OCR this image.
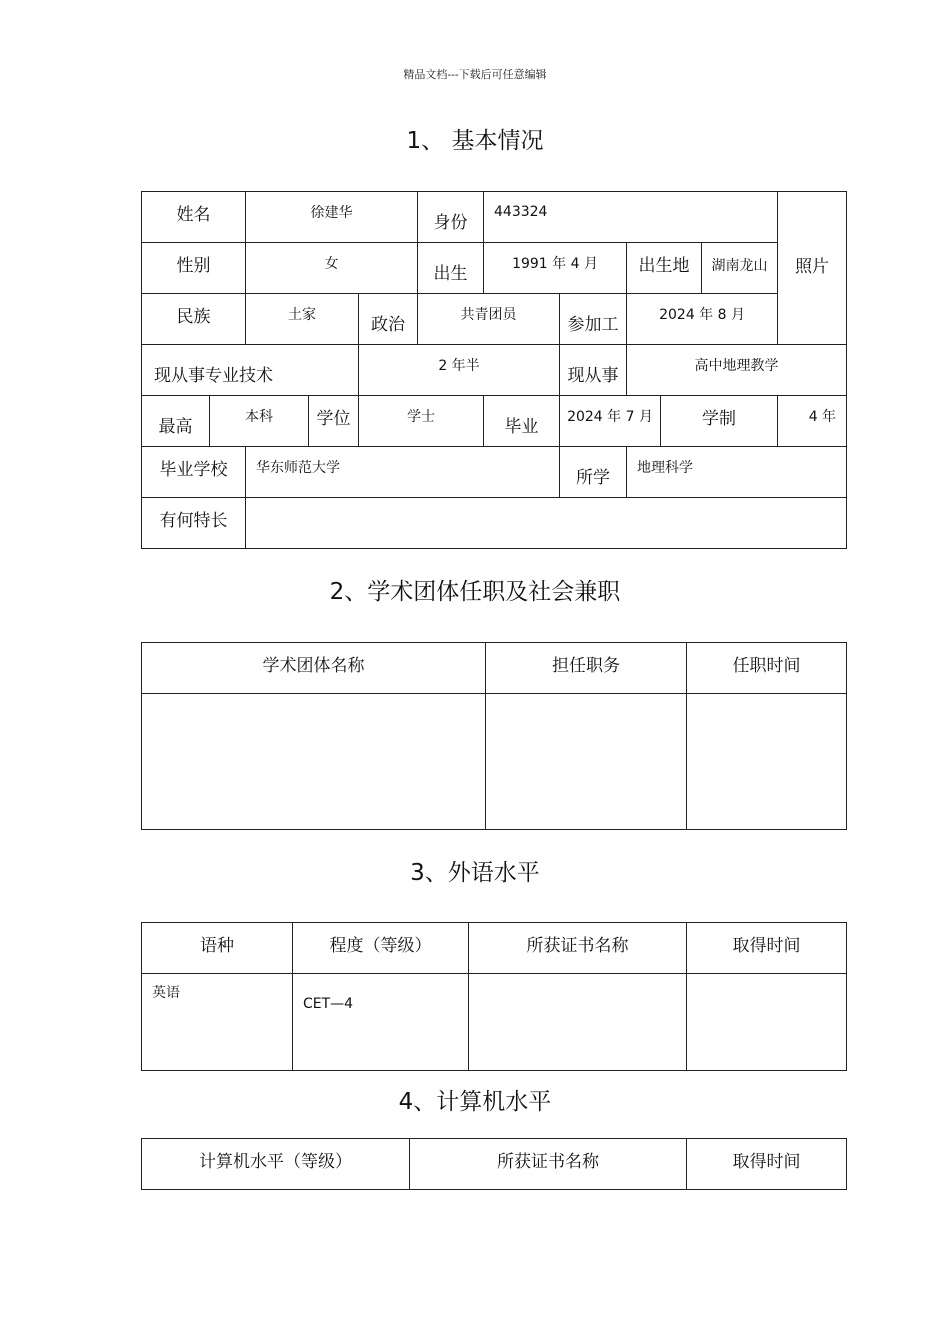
精品文档---下载后可任意编辑
1、 基本情况
姓名		徐建华			身份	443324					照片
性别		女			出生	1991 年 4 月		出生地		湖南龙山	
民族		土家		政治	共青团员		参加工	2024 年 8 月			
现从事专业技术				2 年半			现从事	高中地理教学			
最高	本科		学位	学士		毕业	2024 年 7 月		学制		4 年
毕业学校		华东师范大学					所学	地理科学			
有何特长											
2、学术团体任职及社会兼职
学术团体名称	担任职务	任职时间

3、外语水平
语种	程度（等级）	所获证书名称	取得时间
英语	CET—4		
4、计算机水平
计算机水平（等级）	所获证书名称	取得时间
